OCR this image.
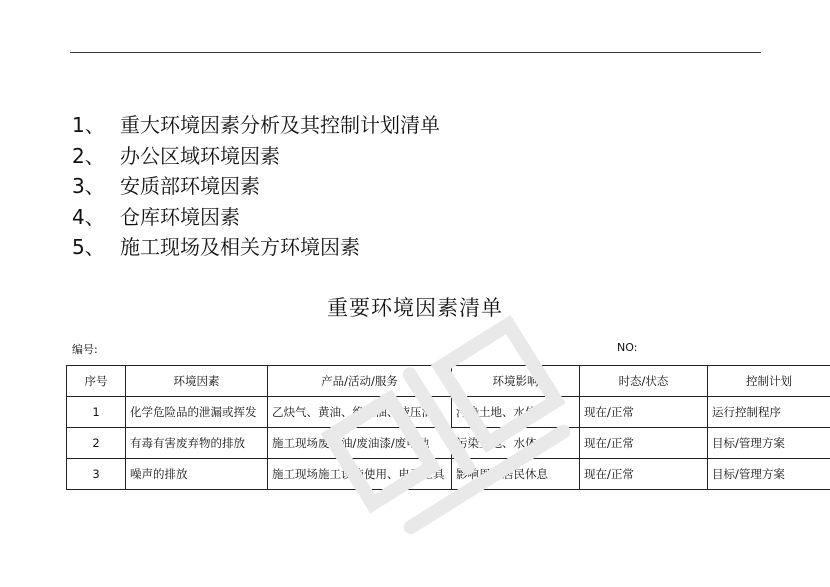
1、 重大环境因素分析及其控制计划清单
2、 办公区域环境因素
3、 安质部环境因素
4、 仓库环境因素
5、 施工现场及相关方环境因素
重要环境因素清单
编号:	NO:
序号	环境因素	产品/活动/服务	环境影响	时态/状态	控制计划
1	化学危险品的泄漏或挥发	乙炔气、黄油、绝缘油、液压油、	污染土地、水体	现在/正常	运行控制程序
2	有毒有害废弃物的排放	施工现场废机油/废油漆/废电池	污染土地、水体	现在/正常	目标/管理方案
3	噪声的排放	施工现场施工设施使用、电动工具	影响周围居民休息	现在/正常	目标/管理方案
